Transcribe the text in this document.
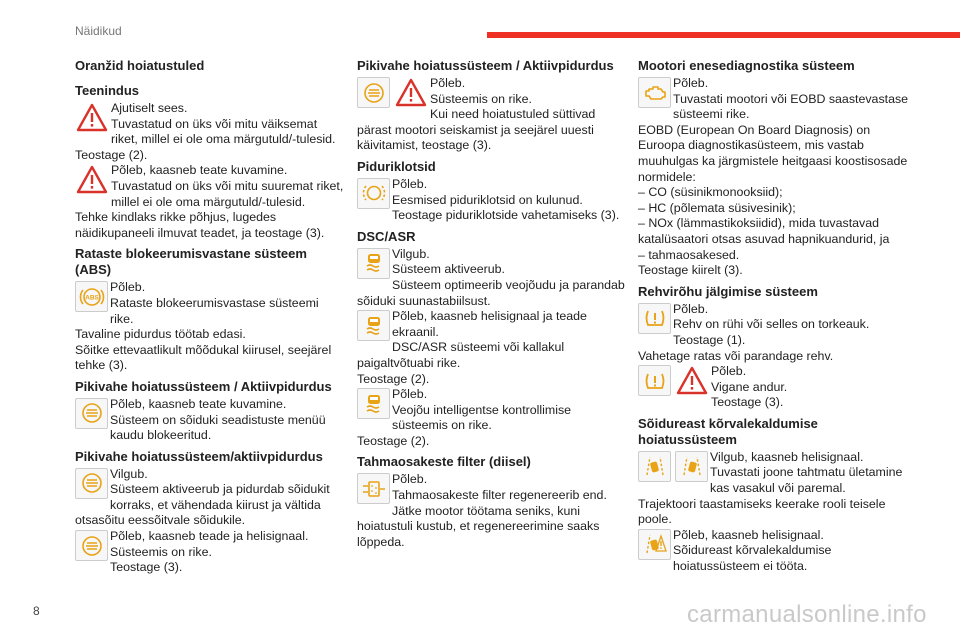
Näidikud
Oranžid hoiatustuled
Teenindus

Ajutiselt sees.

Tuvastatud on üks või mitu väiksemat riket, millel ei ole oma märgutuld/-tulesid.

Teostage (2).

Põleb, kaasneb teate kuvamine.

Tuvastatud on üks või mitu suuremat riket, millel ei ole oma märgutuld/-tulesid.

Tehke kindlaks rikke põhjus, lugedes näidikupaneeli ilmuvat teadet, ja teostage (3).

Rataste blokeerumisvastane süsteem (ABS)
ABS

Põleb.

Rataste blokeerumisvastase süsteemi rike.

Tavaline pidurdus töötab edasi.

Sõitke ettevaatlikult mõõdukal kiirusel, seejärel tehke (3).

Pikivahe hoiatussüsteem / Aktiivpidurdus

Põleb, kaasneb teate kuvamine.

Süsteem on sõiduki seadistuste menüü kaudu blokeeritud.

Pikivahe hoiatussüsteem/aktiivpidurdus

Vilgub.

Süsteem aktiveerub ja pidurdab sõidukit korraks, et vähendada kiirust ja vältida otsasõitu eessõitvale sõidukile.

Põleb, kaasneb teade ja helisignaal.

Süsteemis on rike.

Teostage (3).

Pikivahe hoiatussüsteem / Aktiivpidurdus

Põleb.

Süsteemis on rike.

Kui need hoiatustuled süttivad pärast mootori seiskamist ja seejärel uuesti käivitamist, teostage (3).

Piduriklotsid

Põleb.

Eesmised piduriklotsid on kulunud.

Teostage piduriklotside vahetamiseks (3).

DSC/ASR

Vilgub.

Süsteem aktiveerub.

Süsteem optimeerib veojõudu ja parandab sõiduki suunastabiilsust.

Põleb, kaasneb helisignaal ja teade ekraanil.

DSC/ASR süsteemi või kallakul paigaltvõtuabi rike.

Teostage (2).

Põleb.

Veojõu intelligentse kontrollimise süsteemis on rike.

Teostage (2).

Tahmaosakeste filter (diisel)

Põleb.

Tahmaosakeste filter regenereerib end.

Jätke mootor töötama seniks, kuni hoiatustuli kustub, et regenereerimine saaks lõppeda.

Mootori enesediagnostika süsteem

Põleb.

Tuvastati mootori või EOBD saastevastase süsteemi rike.

EOBD (European On Board Diagnosis) on Euroopa diagnostikasüsteem, mis vastab muuhulgas ka järgmistele heitgaasi koostisosade normidele:

– CO (süsinikmonooksiid);

– HC (põlemata süsivesinik);

– NOx (lämmastikoksiidid), mida tuvastavad katalüsaatori otsas asuvad hapnikuandurid, ja

– tahmaosakesed.

Teostage kiirelt (3).

Rehvirõhu jälgimise süsteem

Põleb.

Rehv on rühi või selles on torkeauk.

Teostage (1).

Vahetage ratas või parandage rehv.

Põleb.

Vigane andur.

Teostage (3).

Sõidureast kõrvalekaldumise hoiatussüsteem

Vilgub, kaasneb helisignaal.

Tuvastati joone tahtmatu ületamine kas vasakul või paremal.

Trajektoori taastamiseks keerake rooli teisele poole.

Põleb, kaasneb helisignaal.

Sõidureast kõrvalekaldumise hoiatussüsteem ei tööta.

8	carmanualsonline.info
